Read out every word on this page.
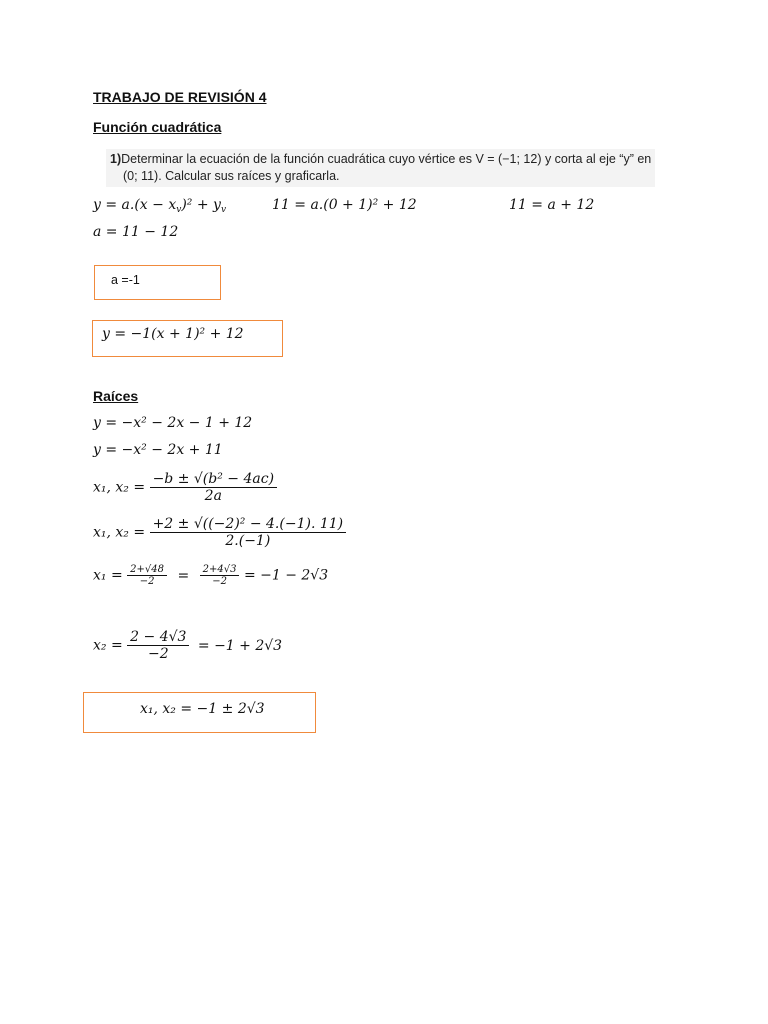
TRABAJO DE REVISIÓN 4
Función cuadrática
1)Determinar la ecuación de la función cuadrática cuyo vértice es V = (−1; 12) y corta al eje “y” en
(0; 11). Calcular sus raíces y graficarla.
$y = a.(x - x_v)^2 + y_v$	11 = a.(0 + 1)² + 12	11 = a + 12
a = 11 − 12
a =-1
y = −1(x + 1)² + 12
Raíces
y = −x² − 2x − 1 + 12
y = −x² − 2x + 11
x₁, $x_2 = \frac{\text{−b ± √(b² − 4ac)}}{2a}$
x₁, $x_2 = \frac{\text{+2 ± √((−2)² − 4.(−1). 11)}}{2.(-1)}$
$x_1 = \frac{2+√48}{-2} = \frac{2+4√3}{-2} = -1 - 2√3$
$x_2 = \frac{2 - 4√3}{-2} = -1 + 2√3$
x₁, x₂ = −1 ± 2√3
